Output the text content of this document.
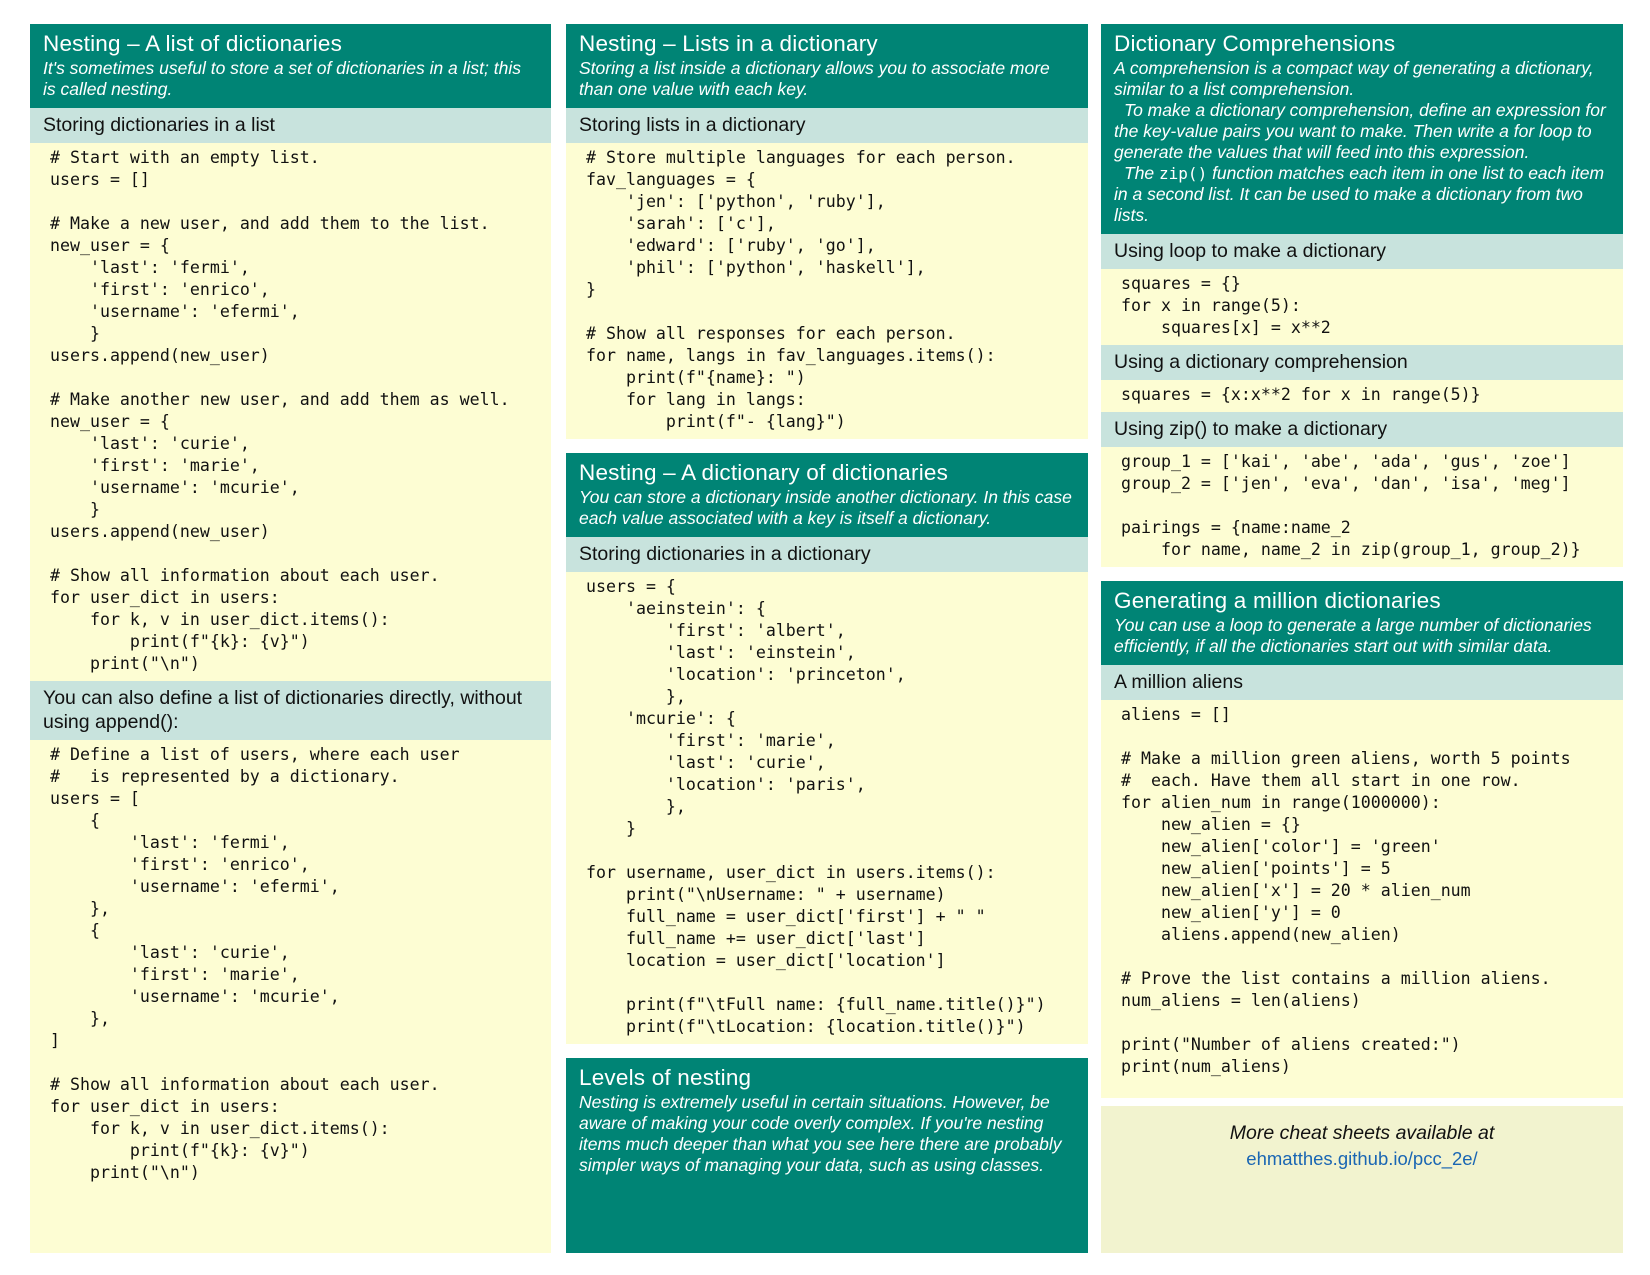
Nesting – A list of dictionaries
It's sometimes useful to store a set of dictionaries in a list; this is called nesting.
Storing dictionaries in a list
# Start with an empty list.
users = []

# Make a new user, and add them to the list.
new_user = {
'last': 'fermi',
'first': 'enrico',
'username': 'efermi',
}
users.append(new_user)

# Make another new user, and add them as well.
new_user = {
'last': 'curie',
'first': 'marie',
'username': 'mcurie',
}
users.append(new_user)

# Show all information about each user.
for user_dict in users:
for k, v in user_dict.items():
print(f"{k}: {v}")
print("\n")
You can also define a list of dictionaries directly, without using append():
# Define a list of users, where each user
#   is represented by a dictionary.
users = [
{
'last': 'fermi',
'first': 'enrico',
'username': 'efermi',
},
{
'last': 'curie',
'first': 'marie',
'username': 'mcurie',
},
]

# Show all information about each user.
for user_dict in users:
for k, v in user_dict.items():
print(f"{k}: {v}")
print("\n")
Nesting – Lists in a dictionary
Storing a list inside a dictionary allows you to associate more than one value with each key.
Storing lists in a dictionary
# Store multiple languages for each person.
fav_languages = {
'jen': ['python', 'ruby'],
'sarah': ['c'],
'edward': ['ruby', 'go'],
'phil': ['python', 'haskell'],
}

# Show all responses for each person.
for name, langs in fav_languages.items():
print(f"{name}: ")
for lang in langs:
print(f"- {lang}")
Nesting – A dictionary of dictionaries
You can store a dictionary inside another dictionary. In this case each value associated with a key is itself a dictionary.
Storing dictionaries in a dictionary
users = {
'aeinstein': {
'first': 'albert',
'last': 'einstein',
'location': 'princeton',
},
'mcurie': {
'first': 'marie',
'last': 'curie',
'location': 'paris',
},
}

for username, user_dict in users.items():
print("\nUsername: " + username)
full_name = user_dict['first'] + " "
full_name += user_dict['last']
location = user_dict['location']

print(f"\tFull name: {full_name.title()}")
print(f"\tLocation: {location.title()}")
Levels of nesting
Nesting is extremely useful in certain situations. However, be aware of making your code overly complex. If you're nesting items much deeper than what you see here there are probably simpler ways of managing your data, such as using classes.
Dictionary Comprehensions
A comprehension is a compact way of generating a dictionary, similar to a list comprehension.
To make a dictionary comprehension, define an expression for the key-value pairs you want to make. Then write a for loop to generate the values that will feed into this expression.
The zip() function matches each item in one list to each item in a second list. It can be used to make a dictionary from two lists.
Using loop to make a dictionary
squares = {}
for x in range(5):
squares[x] = x**2
Using a dictionary comprehension
squares = {x:x**2 for x in range(5)}
Using zip() to make a dictionary
group_1 = ['kai', 'abe', 'ada', 'gus', 'zoe']
group_2 = ['jen', 'eva', 'dan', 'isa', 'meg']

pairings = {name:name_2
for name, name_2 in zip(group_1, group_2)}
Generating a million dictionaries
You can use a loop to generate a large number of dictionaries efficiently, if all the dictionaries start out with similar data.
A million aliens
aliens = []

# Make a million green aliens, worth 5 points
#  each. Have them all start in one row.
for alien_num in range(1000000):
new_alien = {}
new_alien['color'] = 'green'
new_alien['points'] = 5
new_alien['x'] = 20 * alien_num
new_alien['y'] = 0
aliens.append(new_alien)

# Prove the list contains a million aliens.
num_aliens = len(aliens)

print("Number of aliens created:")
print(num_aliens)
More cheat sheets available at
ehmatthes.github.io/pcc_2e/
